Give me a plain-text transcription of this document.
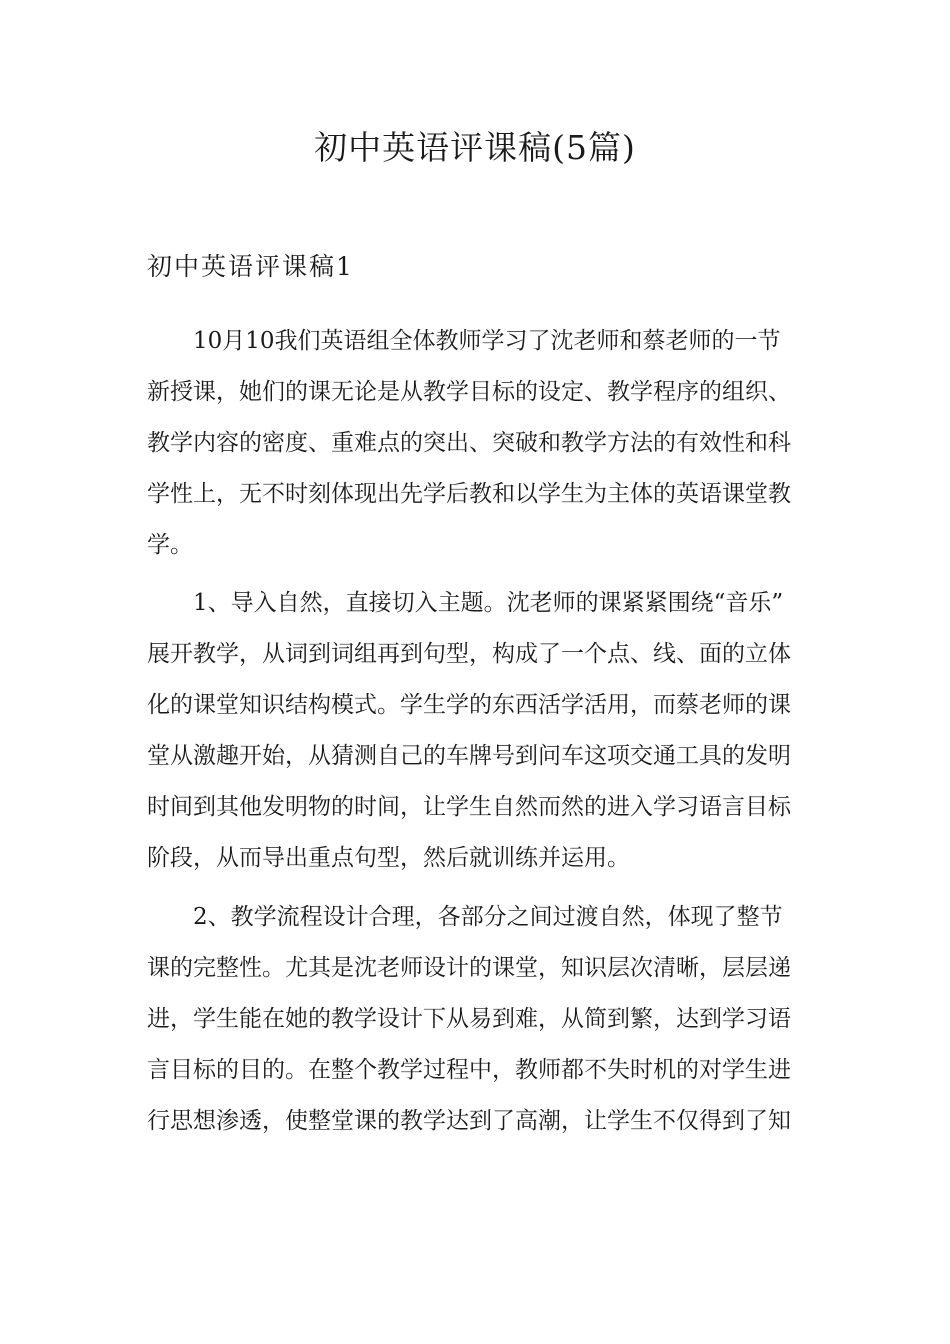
初中英语评课稿(5篇)
初中英语评课稿1

10月10我们英语组全体教师学习了沈老师和蔡老师的一节
新授课，她们的课无论是从教学目标的设定、教学程序的组织、
教学内容的密度、重难点的突出、突破和教学方法的有效性和科
学性上，无不时刻体现出先学后教和以学生为主体的英语课堂教
学。

1、导入自然，直接切入主题。沈老师的课紧紧围绕“音乐”
展开教学，从词到词组再到句型，构成了一个点、线、面的立体
化的课堂知识结构模式。学生学的东西活学活用，而蔡老师的课
堂从激趣开始，从猜测自己的车牌号到问车这项交通工具的发明
时间到其他发明物的时间，让学生自然而然的进入学习语言目标
阶段，从而导出重点句型，然后就训练并运用。

2、教学流程设计合理，各部分之间过渡自然，体现了整节
课的完整性。尤其是沈老师设计的课堂，知识层次清晰，层层递
进，学生能在她的教学设计下从易到难，从简到繁，达到学习语
言目标的目的。在整个教学过程中，教师都不失时机的对学生进
行思想渗透，使整堂课的教学达到了高潮，让学生不仅得到了知
